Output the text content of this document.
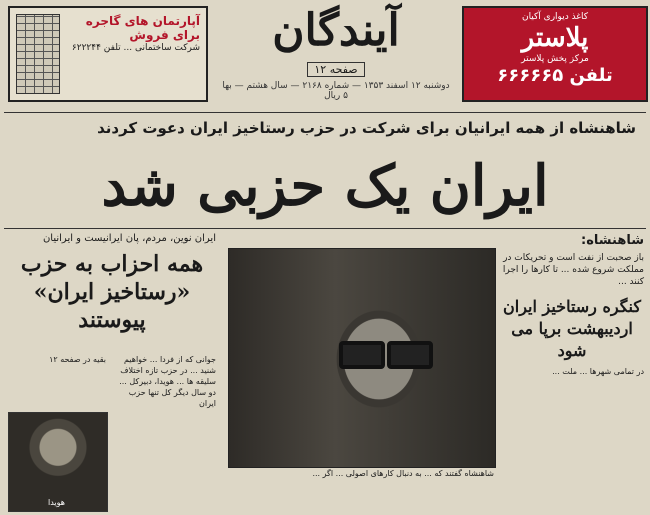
آپارتمان های گاجره برای فروش
شرکت ساختمانی ... تلفن ۶۲۲۲۴۴	آیندگان
۱۲ صفحه
دوشنبه ۱۲ اسفند ۱۳۵۳ — شماره ۲۱۶۸ — سال هشتم — بها ۵ ریال
کاغذ دیواری آکیان
پلاستر
مرکز پخش پلاستر
تلفن ۶۶۶۶۶۵
شاهنشاه از همه ایرانیان برای شرکت در حزب رستاخیز ایران دعوت کردند
ایران یک حزبی شد
ایران نوین، مردم، پان ایرانیست و ایرانیان
همه احزاب به حزب «رستاخیز ایران» پیوستند
جوانی که از فردا ... خواهیم شنید ... در حزب تازه اختلاف سلیقه ها ... هویدا، دبیرکل ... دو سال دیگر کل تنها حزب ایران
بقیه در صفحه ۱۲
هویدا
شاهنشاه گفتند که ... به دنبال کارهای اصولی ... اگر ...
شاهنشاه:
باز صحبت از نفت است و تحریکات در مملکت شروع شده ... تا کارها را اجرا کنند ...
کنگره رستاخیز ایران اردیبهشت برپا می شود
در تمامی شهرها ... ملت ...
